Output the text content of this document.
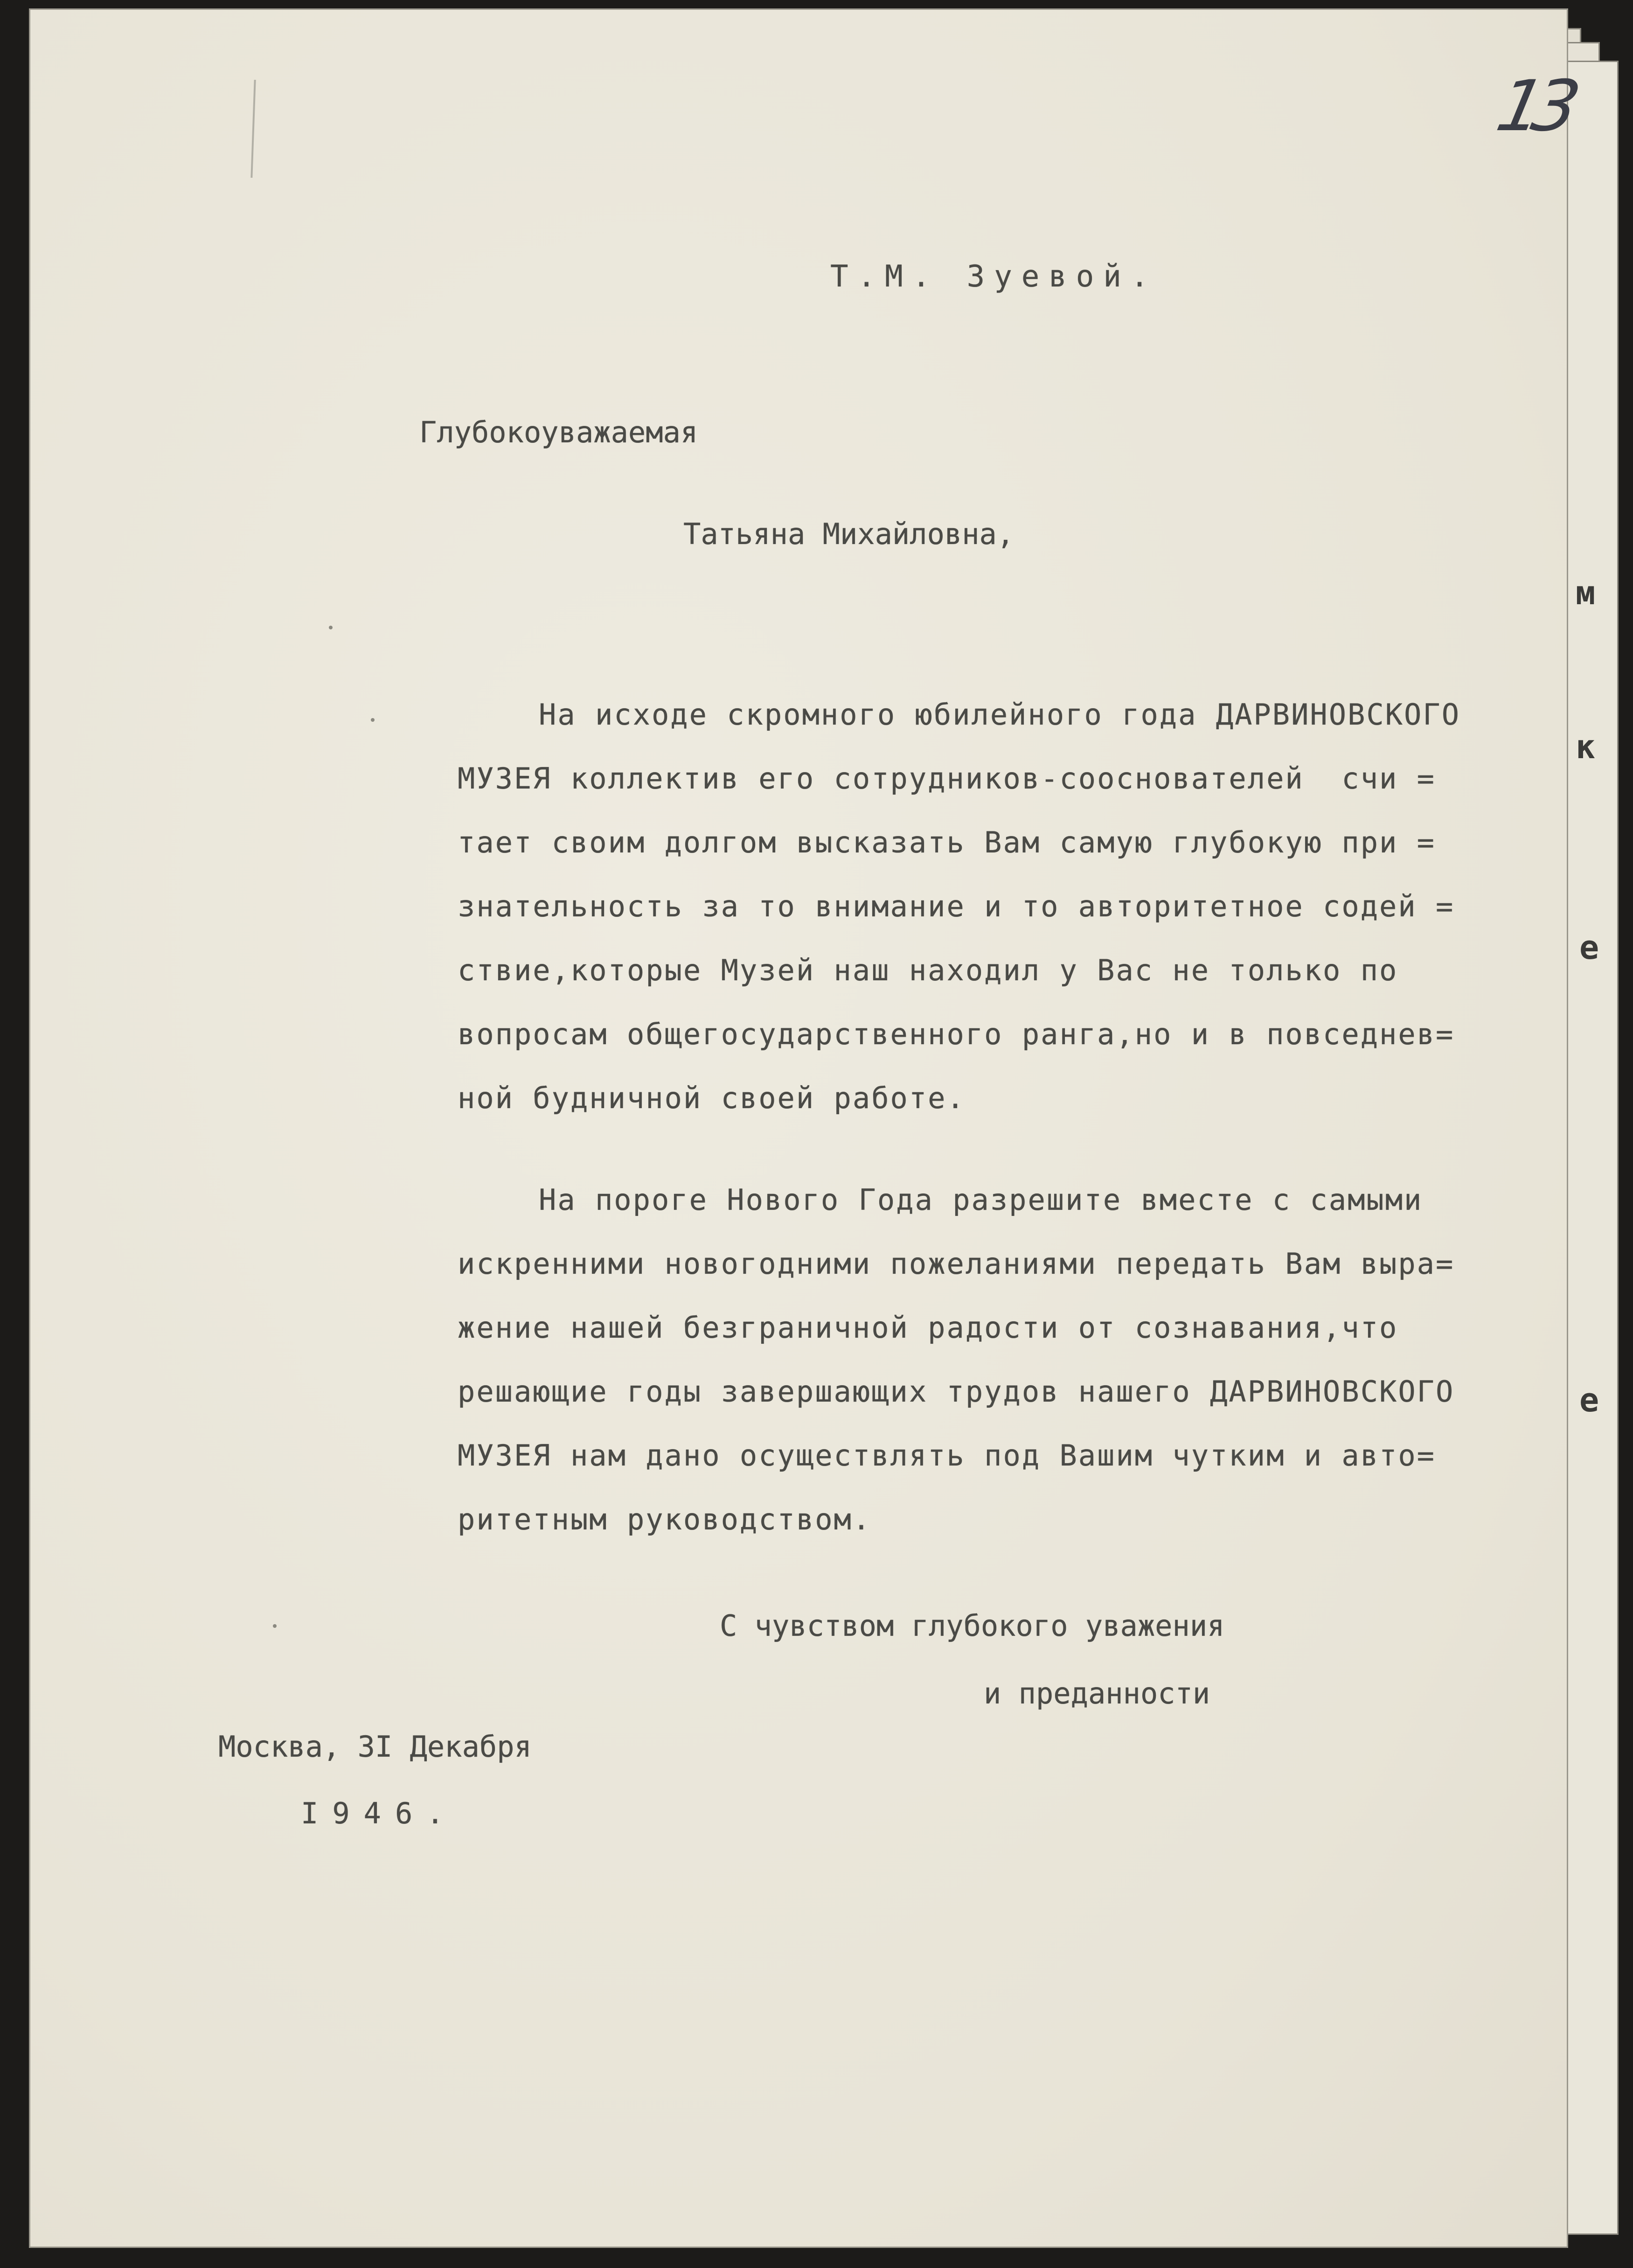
м
к
е
е
13
Т.М. Зуевой.
Глубокоуважаемая
Татьяна Михайловна,
На исходе скромного юбилейного года ДАРВИНОВСКОГО
МУЗЕЯ коллектив его сотрудников-сооснователей  счи =
тает своим долгом высказать Вам самую глубокую при =
знательность за то внимание и то авторитетное содей =
ствие,которые Музей наш находил у Вас не только по
вопросам общегосударственного ранга,но и в повседнев=
ной будничной своей работе.
На пороге Нового Года разрешите вместе с самыми
искренними новогодними пожеланиями передать Вам выра=
жение нашей безграничной радости от сознавания,что
решающие годы завершающих трудов нашего ДАРВИНОВСКОГО
МУЗЕЯ нам дано осуществлять под Вашим чутким и авто=
ритетным руководством.
С чувством глубокого уважения
и преданности
Москва, 3I Декабря
I946.
